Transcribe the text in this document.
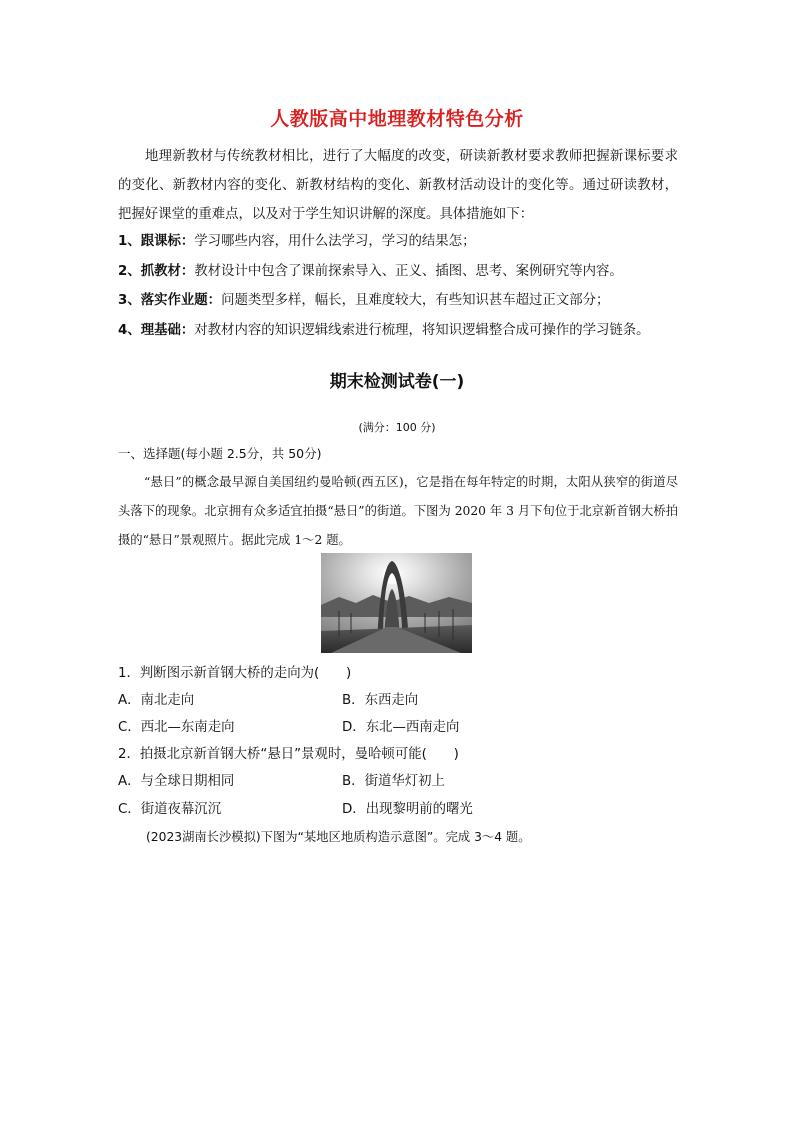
人教版高中地理教材特色分析
地理新教材与传统教材相比，进行了大幅度的改变，研读新教材要求教师把握新课标要求的变化、新教材内容的变化、新教材结构的变化、新教材活动设计的变化等。通过研读教材，把握好课堂的重难点，以及对于学生知识讲解的深度。具体措施如下：
1、跟课标：学习哪些内容，用什么法学习，学习的结果怎；
2、抓教材：教材设计中包含了课前探索导入、正义、插图、思考、案例研究等内容。
3、落实作业题：问题类型多样，幅长，且难度较大，有些知识甚车超过正文部分；
4、理基础：对教材内容的知识逻辑线索进行梳理，将知识逻辑整合成可操作的学习链条。
期末检测试卷(一)
(满分：100 分)
一、选择题(每小题 2.5分，共 50分)
“悬日”的概念最早源自美国纽约曼哈顿(西五区)，它是指在每年特定的时期，太阳从狭窄的街道尽头落下的现象。北京拥有众多适宜拍摄“悬日”的街道。下图为 2020 年 3 月下旬位于北京新首钢大桥拍摄的“悬日”景观照片。据此完成 1～2 题。
1．判断图示新首钢大桥的走向为(　　)
A．南北走向	B．东西走向
C．西北—东南走向	D．东北—西南走向
2．拍摄北京新首钢大桥“悬日”景观时，曼哈顿可能(　　)
A．与全球日期相同	B．街道华灯初上
C．街道夜幕沉沉	D．出现黎明前的曙光
(2023湖南长沙模拟)下图为“某地区地质构造示意图”。完成 3～4 题。
